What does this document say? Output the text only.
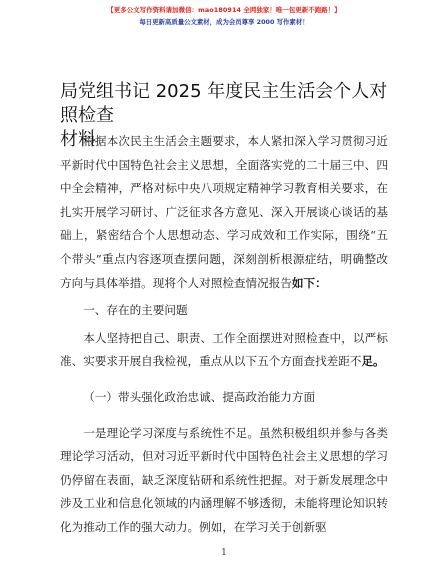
【更多公文写作资料请加微信：mao180914 全网独家！唯一包更新不跑路！】
每日更新高质量公文素材，成为会员尊享 2000 写作素材！
局党组书记 2025 年度民主生活会个人对照检查
材料

根据本次民主生活会主题要求，本人紧扣深入学习贯彻习近平新时代中国特色社会主义思想，全面落实党的二十届三中、四中全会精神，严格对标中央八项规定精神学习教育相关要求，在扎实开展学习研讨、广泛征求各方意见、深入开展谈心谈话的基础上，紧密结合个人思想动态、学习成效和工作实际，围绕“五个带头”重点内容逐项查摆问题，深刻剖析根源症结，明确整改方向与具体举措。现将个人对照检查情况报告如下：

一、存在的主要问题

本人坚持把自己、职责、工作全面摆进对照检查中，以严标准、实要求开展自我检视，重点从以下五个方面查找差距不足。

（一）带头强化政治忠诚、提高政治能力方面

一是理论学习深度与系统性不足。虽然积极组织并参与各类理论学习活动，但对习近平新时代中国特色社会主义思想的学习仍停留在表面，缺乏深度钻研和系统性把握。对于新发展理念中涉及工业和信息化领域的内涵理解不够透彻，未能将理论知识转化为推动工作的强大动力。例如，在学习关于创新驱

1
